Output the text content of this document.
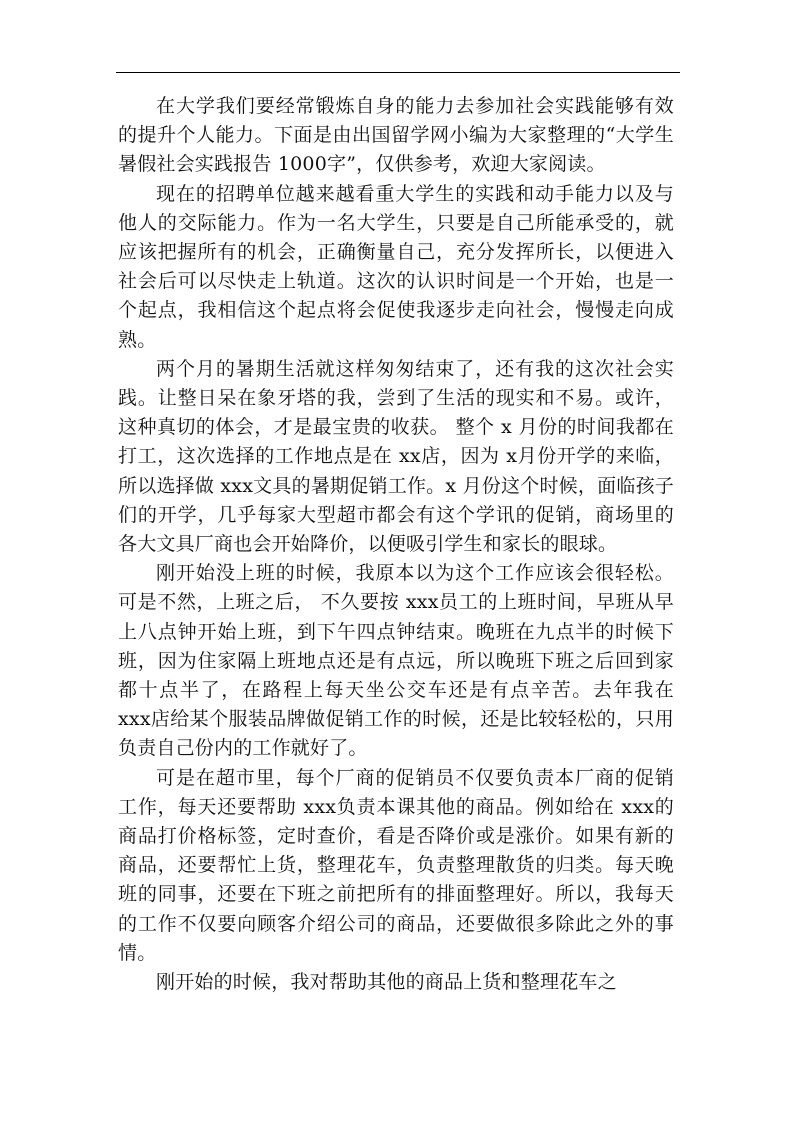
在大学我们要经常锻炼自身的能力去参加社会实践能够有效的提升个人能力。下面是由出国留学网小编为大家整理的“大学生暑假社会实践报告 1000字”，仅供参考，欢迎大家阅读。

现在的招聘单位越来越看重大学生的实践和动手能力以及与他人的交际能力。作为一名大学生，只要是自己所能承受的，就应该把握所有的机会，正确衡量自己，充分发挥所长，以便进入社会后可以尽快走上轨道。这次的认识时间是一个开始，也是一个起点，我相信这个起点将会促使我逐步走向社会，慢慢走向成熟。

两个月的暑期生活就这样匆匆结束了，还有我的这次社会实践。让整日呆在象牙塔的我，尝到了生活的现实和不易。或许，这种真切的体会，才是最宝贵的收获。 整个 x 月份的时间我都在打工，这次选择的工作地点是在 xx店，因为 x月份开学的来临，所以选择做 xxx文具的暑期促销工作。x 月份这个时候，面临孩子们的开学，几乎每家大型超市都会有这个学讯的促销，商场里的各大文具厂商也会开始降价，以便吸引学生和家长的眼球。

刚开始没上班的时候，我原本以为这个工作应该会很轻松。可是不然，上班之后， 不久要按 xxx员工的上班时间，早班从早上八点钟开始上班，到下午四点钟结束。晚班在九点半的时候下班，因为住家隔上班地点还是有点远，所以晚班下班之后回到家都十点半了，在路程上每天坐公交车还是有点辛苦。去年我在 xxx店给某个服装品牌做促销工作的时候，还是比较轻松的，只用负责自己份内的工作就好了。

可是在超市里，每个厂商的促销员不仅要负责本厂商的促销工作，每天还要帮助 xxx负责本课其他的商品。例如给在 xxx的商品打价格标签，定时查价，看是否降价或是涨价。如果有新的商品，还要帮忙上货，整理花车，负责整理散货的归类。每天晚班的同事，还要在下班之前把所有的排面整理好。所以，我每天的工作不仅要向顾客介绍公司的商品，还要做很多除此之外的事情。

刚开始的时候，我对帮助其他的商品上货和整理花车之
